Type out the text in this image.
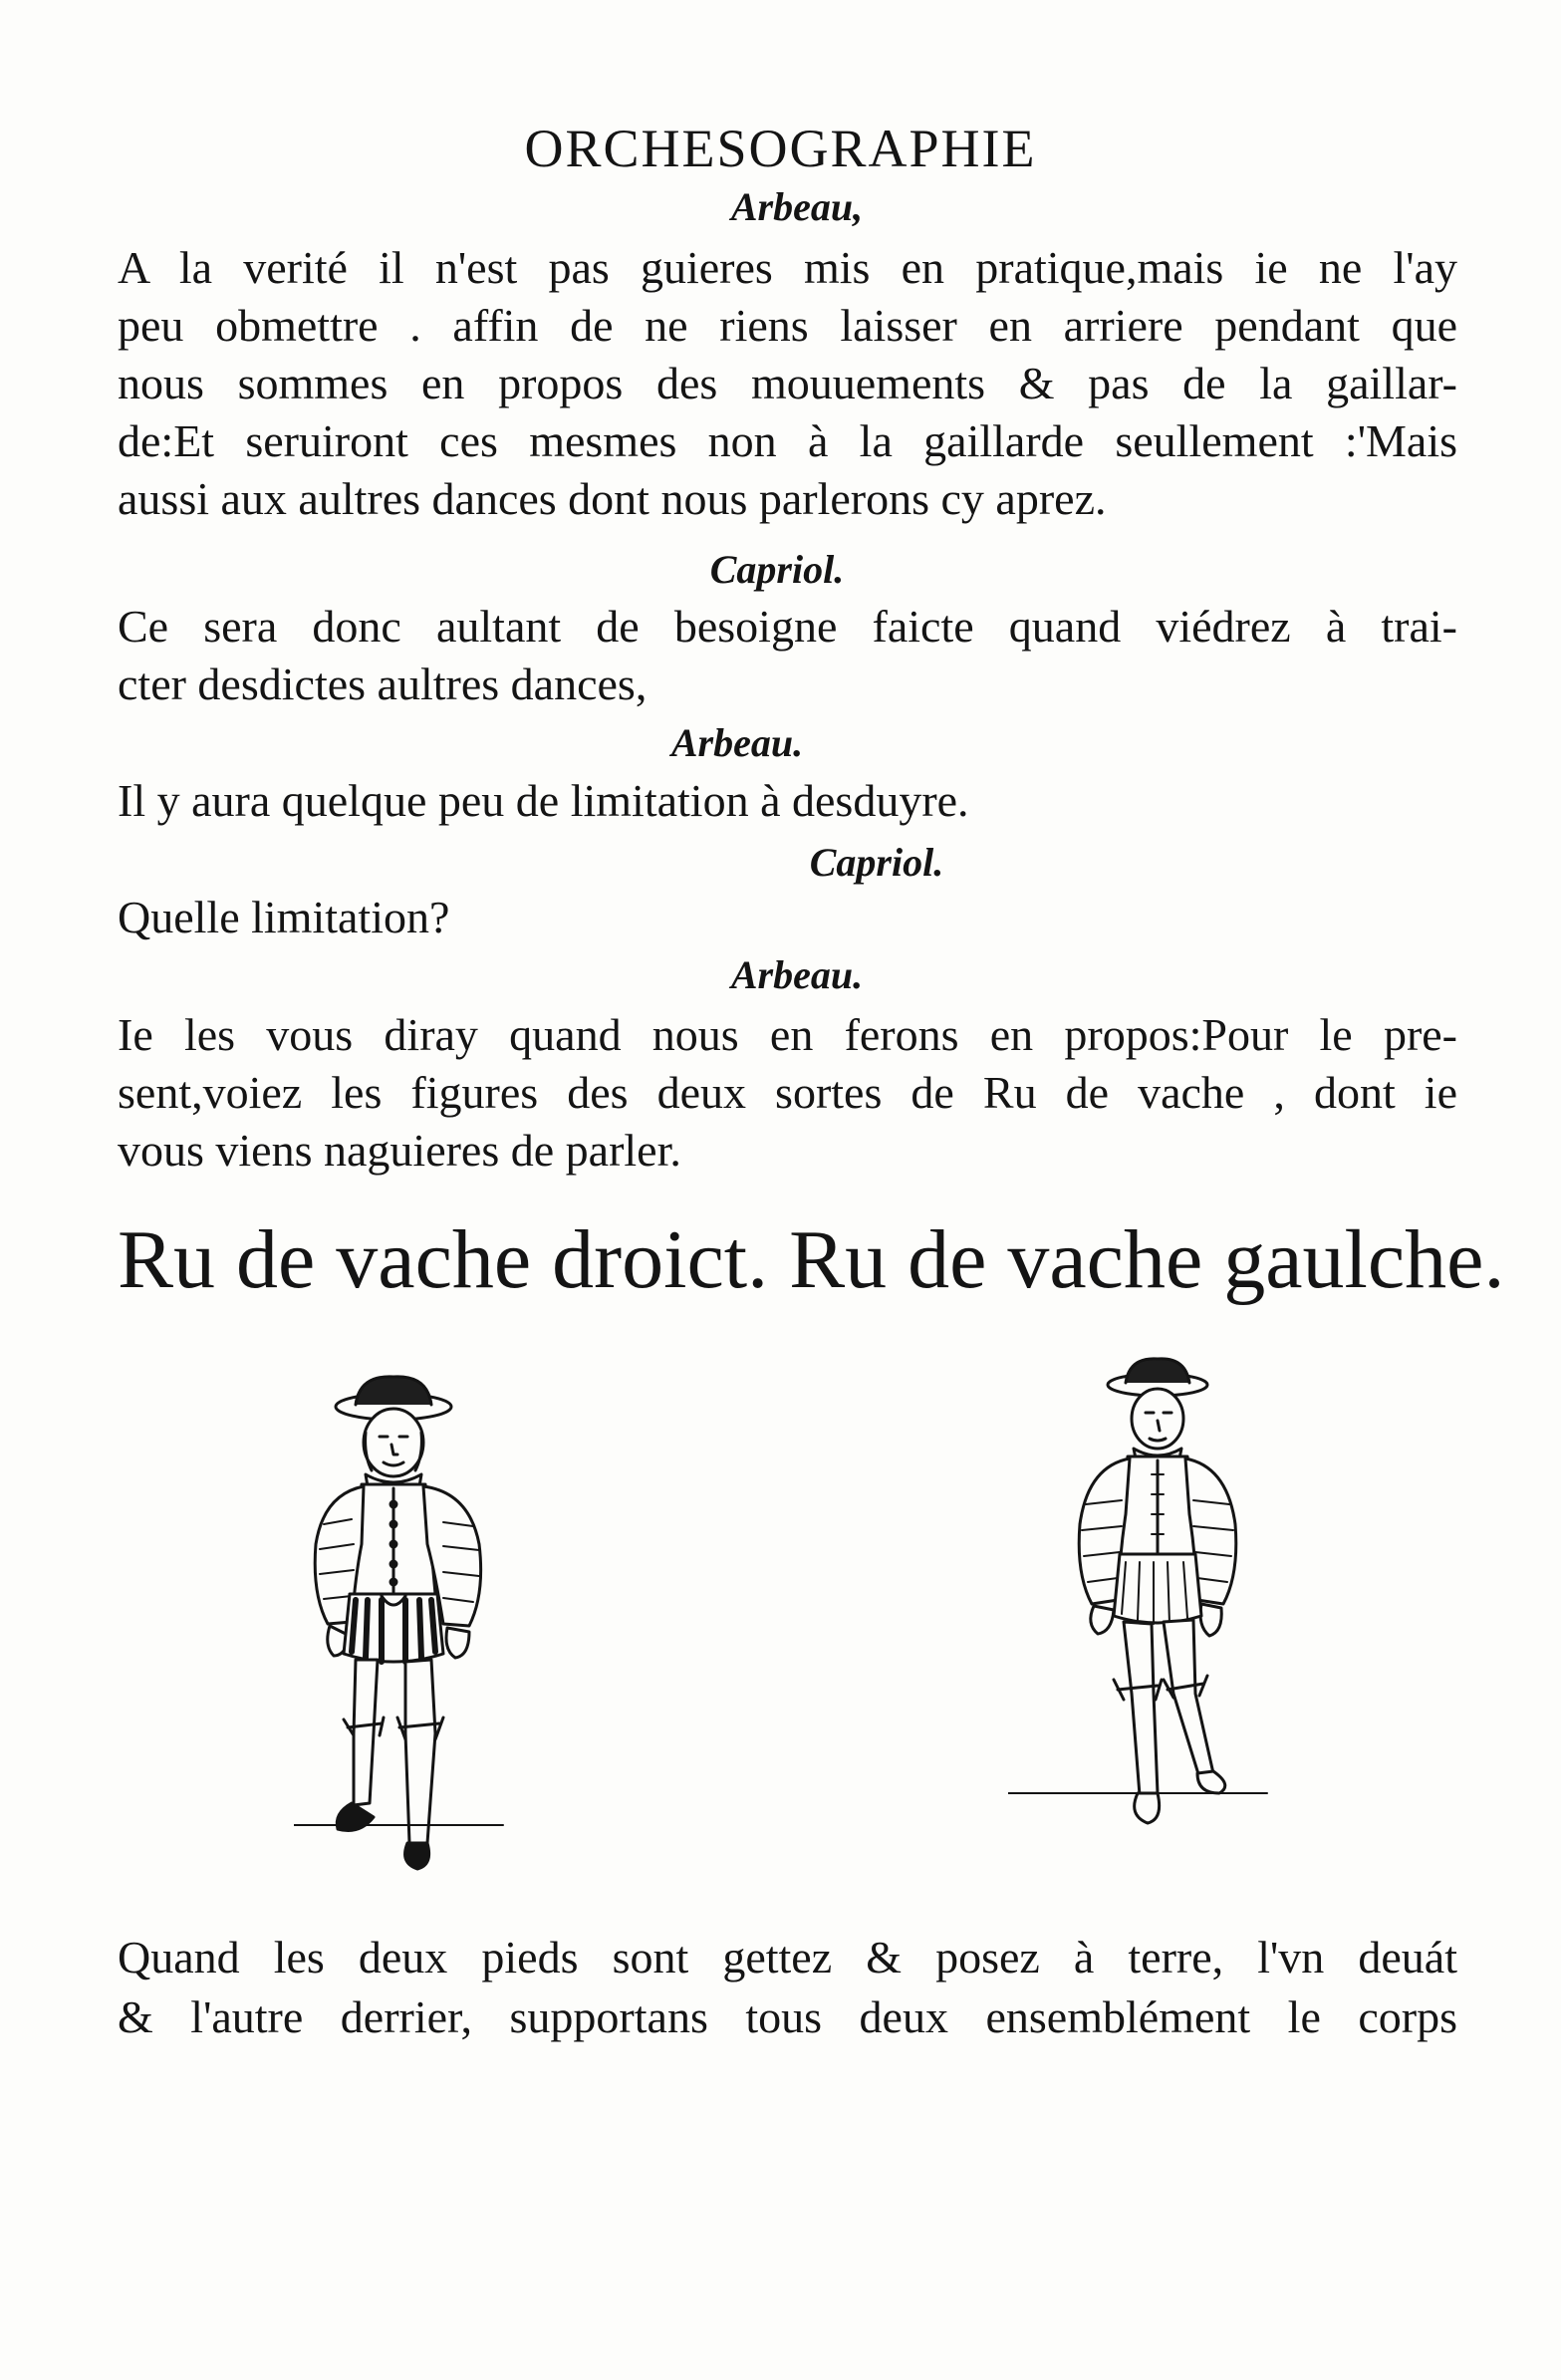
ORCHESOGRAPHIE
Arbeau,
A la verité il n'est pas guieres mis en pratique,mais ie ne l'ay
peu obmettre . affin de ne riens laisser en arriere pendant que
nous sommes en propos des mouuements & pas de la gaillar-
de:Et seruiront ces mesmes non à la gaillarde seullement :'Mais
aussi aux aultres dances dont nous parlerons cy aprez.
Capriol.
Ce sera donc aultant de besoigne faicte quand viédrez à trai-
cter desdictes aultres dances,
Arbeau.
Il y aura quelque peu de limitation à desduyre.
Capriol.
Quelle limitation?
Arbeau.
Ie les vous diray quand nous en ferons en propos:Pour le pre-
sent,voiez les figures des deux sortes de Ru de vache , dont ie
vous viens naguieres de parler.
Ru de vache droict. Ru de vache gaulche.
Quand les deux pieds sont gettez & posez à terre, l'vn deuát
& l'autre derrier, supportans tous deux ensemblément le corps
